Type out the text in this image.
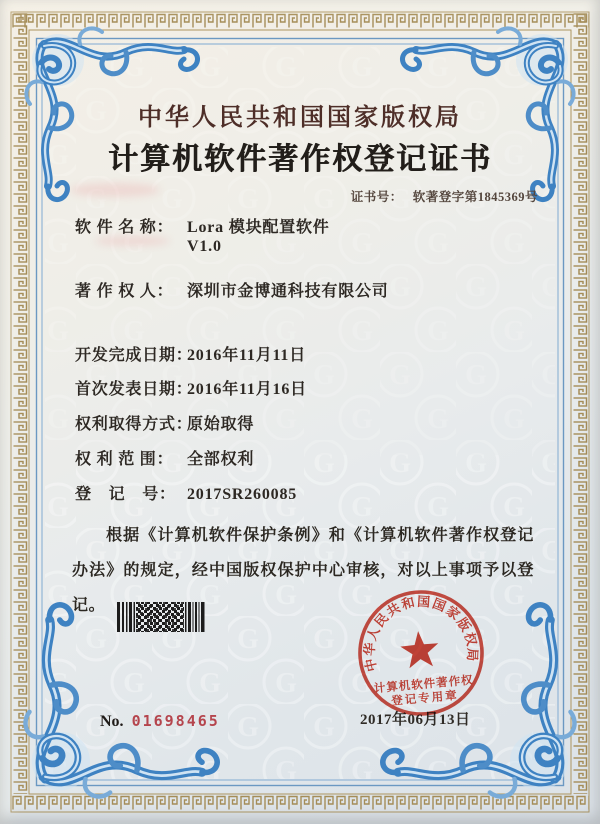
中华人民共和国国家版权局
计算机软件著作权登记证书
证书号： 软著登字第1845369号
软 件 名 称： Lora 模块配置软件
V1.0
著 作 权 人： 深圳市金博通科技有限公司
开发完成日期：2016年11月11日
首次发表日期：2016年11月16日
权利取得方式：原始取得
权 利 范 围： 全部权利
登　记　号： 2017SR260085
根据《计算机软件保护条例》和《计算机软件著作权登记办法》的规定，经中国版权保护中心审核，对以上事项予以登记。
No. 01698465	2017年06月13日
中华人民共和国国家版权局
计算机软件著作权
登记专用章
